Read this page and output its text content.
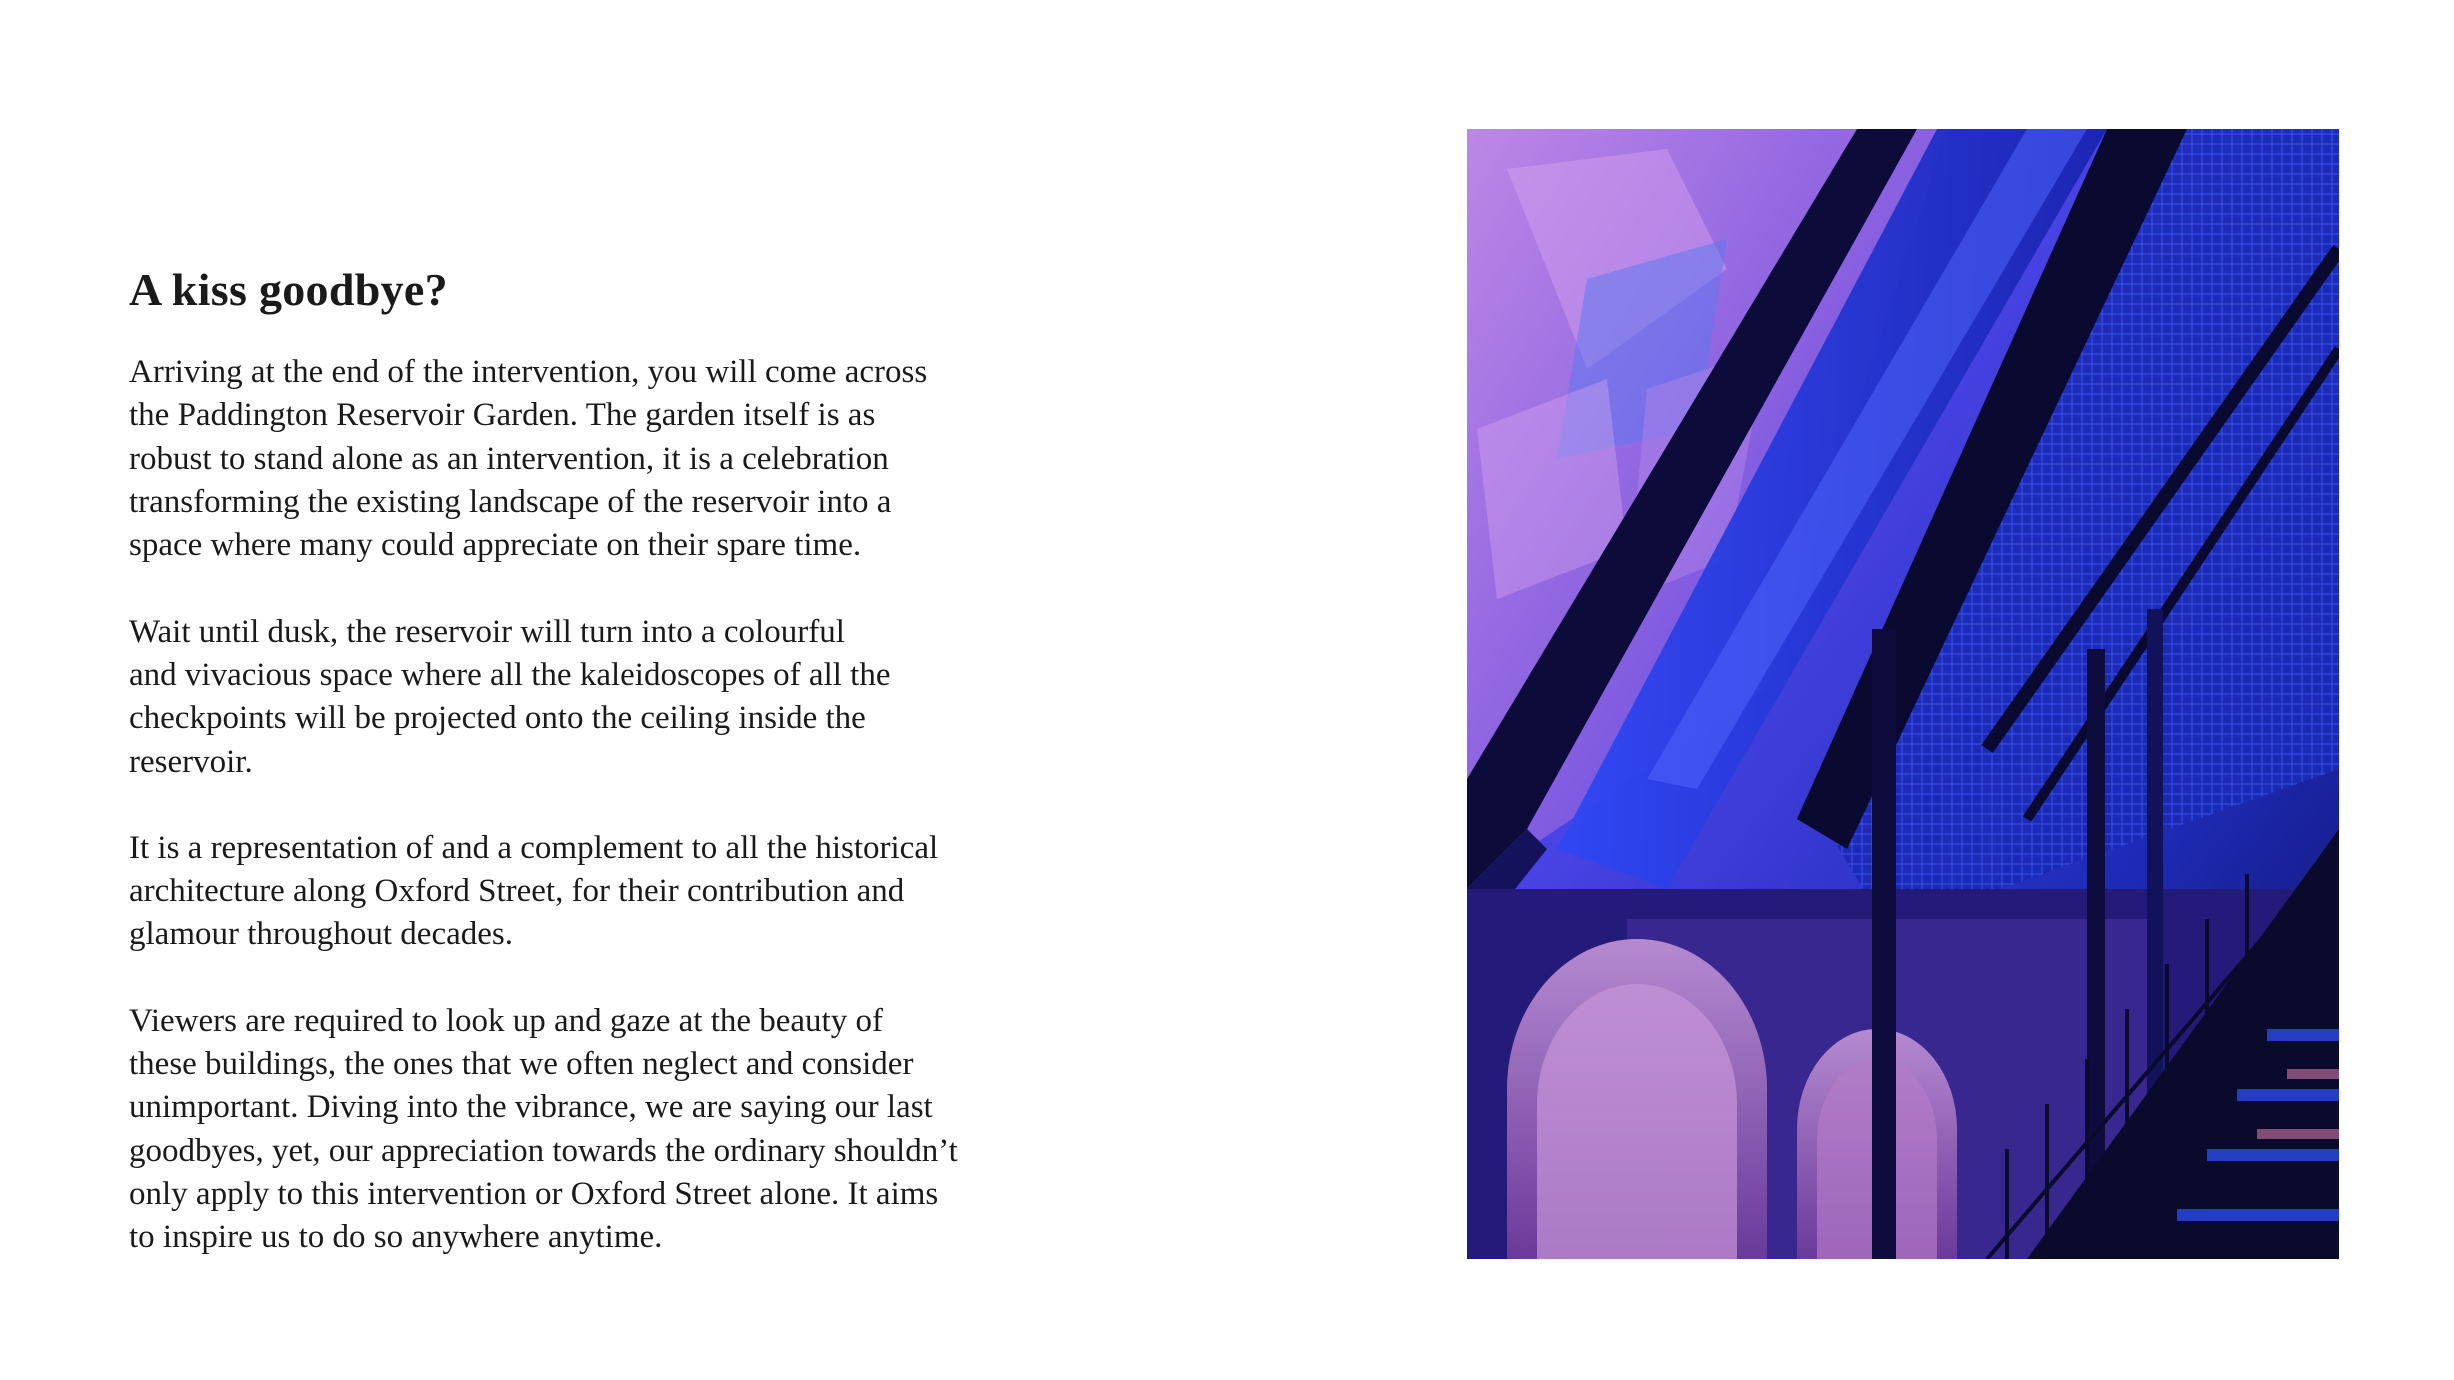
A kiss goodbye?

Arriving at the end of the intervention, you will come across
the Paddington Reservoir Garden. The garden itself is as
robust to stand alone as an intervention, it is a celebration
transforming the existing landscape of the reservoir into a
space where many could appreciate on their spare time.

Wait until dusk, the reservoir will turn into a colourful
and vivacious space where all the kaleidoscopes of all the
checkpoints will be projected onto the ceiling inside the
reservoir.

It is a representation of and a complement to all the historical
architecture along Oxford Street, for their contribution and
glamour throughout decades.

Viewers are required to look up and gaze at the beauty of
these buildings, the ones that we often neglect and consider
unimportant. Diving into the vibrance, we are saying our last
goodbyes, yet, our appreciation towards the ordinary shouldn’t
only apply to this intervention or Oxford Street alone. It aims
to inspire us to do so anywhere anytime.
